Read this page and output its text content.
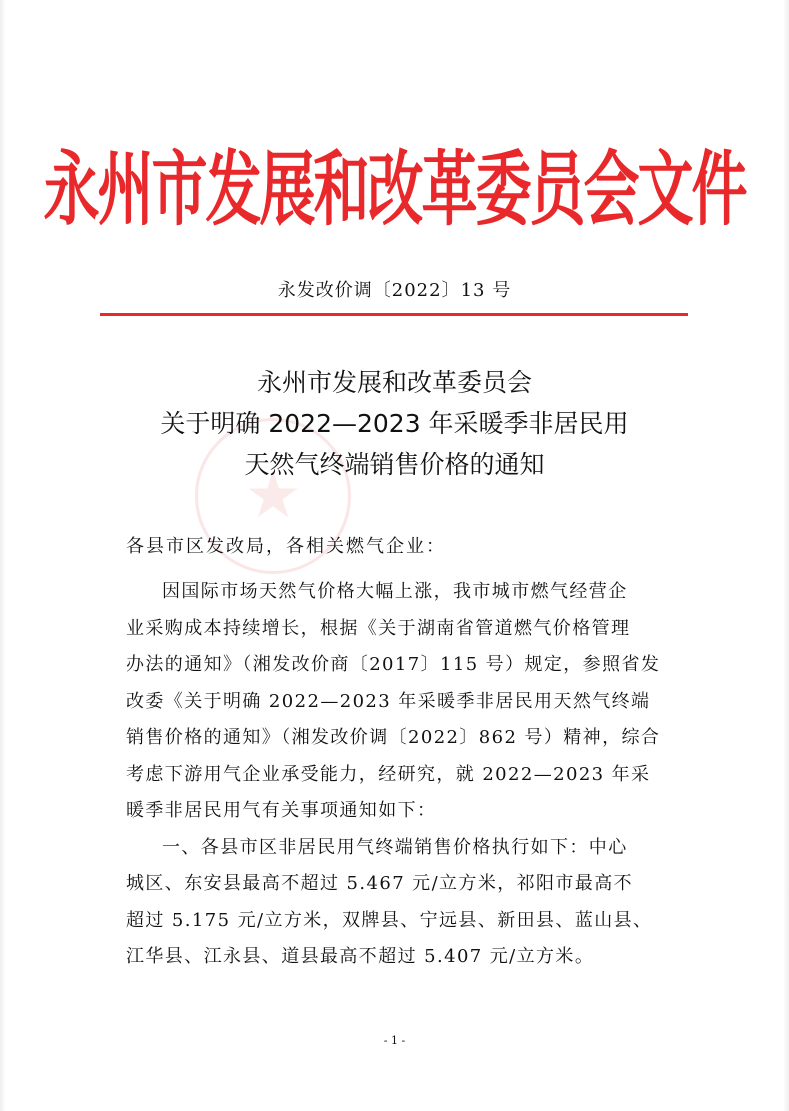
永州市发展和改革委员会文件
永发改价调〔2022〕13 号
★
永州市发展和改革委员会
关于明确 2022—2023 年采暖季非居民用
天然气终端销售价格的通知
各县市区发改局，各相关燃气企业：

因国际市场天然气价格大幅上涨，我市城市燃气经营企
业采购成本持续增长，根据《关于湖南省管道燃气价格管理
办法的通知》（湘发改价商〔2017〕115 号）规定，参照省发
改委《关于明确 2022—2023 年采暖季非居民用天然气终端
销售价格的通知》（湘发改价调〔2022〕862 号）精神，综合
考虑下游用气企业承受能力，经研究，就 2022—2023 年采
暖季非居民用气有关事项通知如下：

一、各县市区非居民用气终端销售价格执行如下：中心
城区、东安县最高不超过 5.467 元/立方米，祁阳市最高不
超过 5.175 元/立方米，双牌县、宁远县、新田县、蓝山县、
江华县、江永县、道县最高不超过 5.407 元/立方米。

- 1 -
